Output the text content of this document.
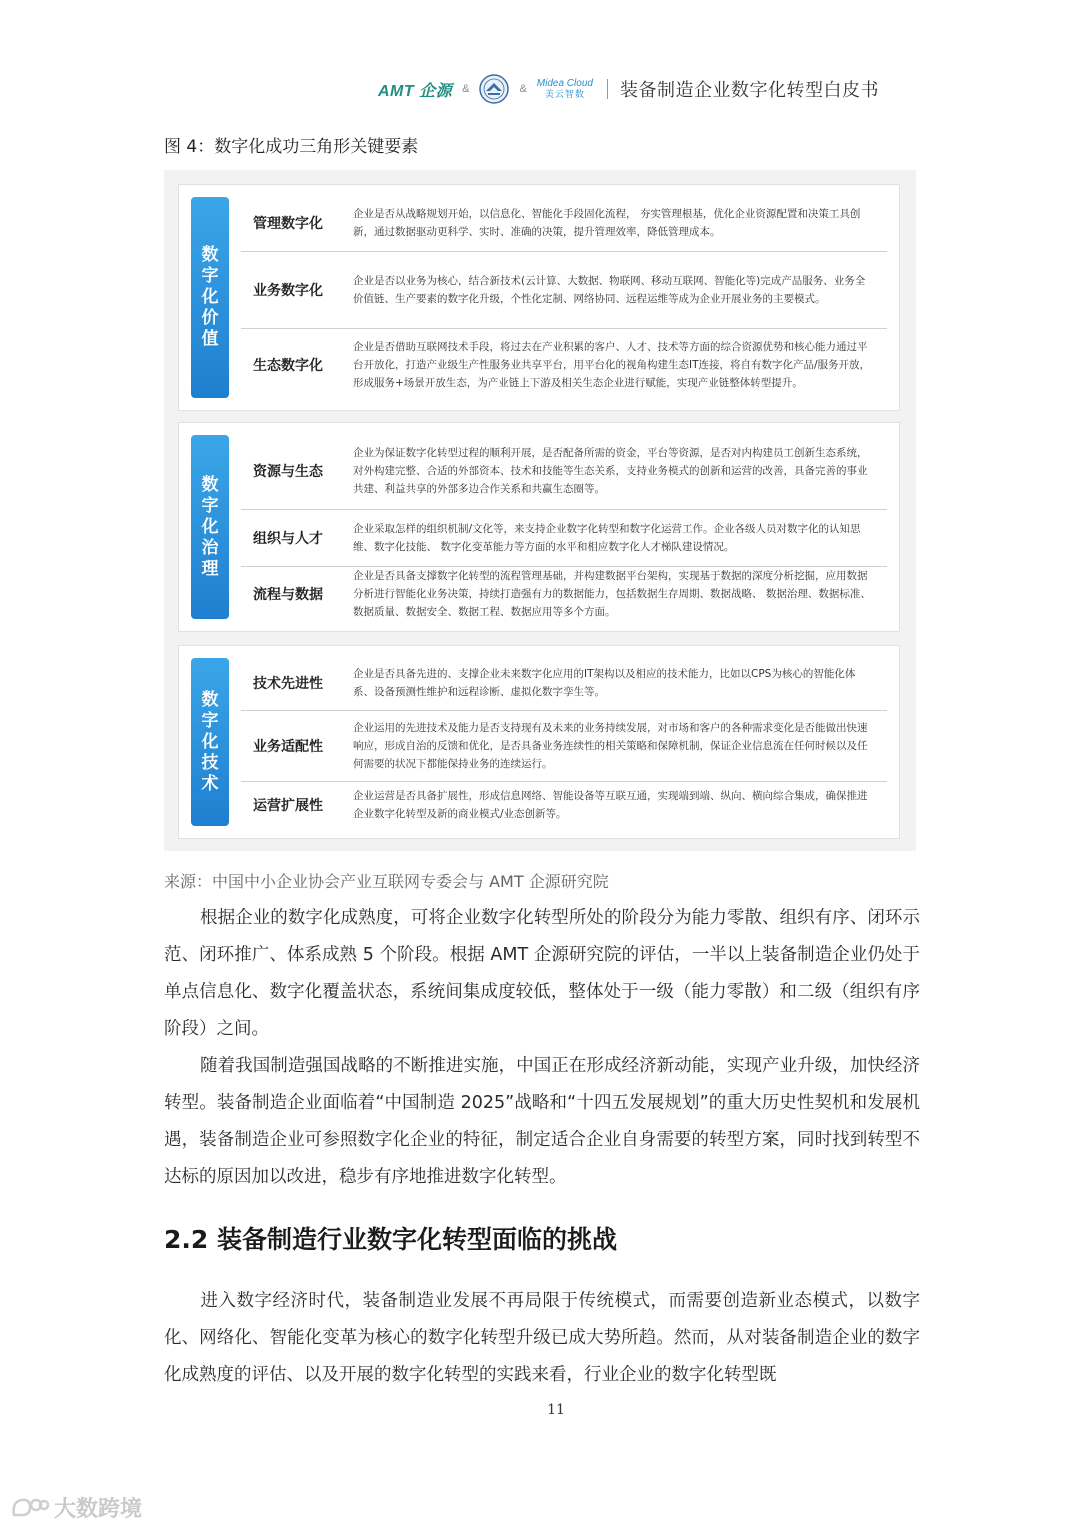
AMT 企源 &	& Midea Cloud
美云智数 装备制造企业数字化转型白皮书
图 4：数字化成功三角形关键要素
数
字
化
价
值
管理数字化
企业是否从战略规划开始，以信息化、智能化手段固化流程， 夯实管理根基，优化企业资源配置和决策工具创新，通过数据驱动更科学、实时、准确的决策，提升管理效率，降低管理成本。
业务数字化
企业是否以业务为核心，结合新技术(云计算、大数据、物联网、移动互联网、智能化等)完成产品服务、业务全价值链、生产要素的数字化升级，个性化定制、网络协同、远程运维等成为企业开展业务的主要模式。
生态数字化
企业是否借助互联网技术手段，将过去在产业积累的客户、人才、技术等方面的综合资源优势和核心能力通过平台开放化，打造产业级生产性服务业共享平台，用平台化的视角构建生态IT连接，将自有数字化产品/服务开放，形成服务+场景开放生态，为产业链上下游及相关生态企业进行赋能，实现产业链整体转型提升。
数
字
化
治
理
资源与生态
企业为保证数字化转型过程的顺利开展，是否配备所需的资金，平台等资源，是否对内构建员工创新生态系统，对外构建完整、合适的外部资本、技术和技能等生态关系，支持业务模式的创新和运营的改善，具备完善的事业共建、利益共享的外部多边合作关系和共赢生态圈等。
组织与人才
企业采取怎样的组织机制/文化等，来支持企业数字化转型和数字化运营工作。企业各级人员对数字化的认知思维、数字化技能、 数字化变革能力等方面的水平和相应数字化人才梯队建设情况。
流程与数据
企业是否具备支撑数字化转型的流程管理基础，并构建数据平台架构，实现基于数据的深度分析挖掘，应用数据分析进行智能化业务决策，持续打造强有力的数据能力，包括数据生存周期、数据战略、 数据治理、数据标准、数据质量、数据安全、数据工程、数据应用等多个方面。
数
字
化
技
术
技术先进性
企业是否具备先进的、支撑企业未来数字化应用的IT架构以及相应的技术能力，比如以CPS为核心的智能化体系、设备预测性维护和远程诊断、虚拟化数字孪生等。
业务适配性
企业运用的先进技术及能力是否支持现有及未来的业务持续发展，对市场和客户的各种需求变化是否能做出快速响应，形成自治的反馈和优化，是否具备业务连续性的相关策略和保障机制，保证企业信息流在任何时候以及任何需要的状况下都能保持业务的连续运行。
运营扩展性
企业运营是否具备扩展性，形成信息网络、智能设备等互联互通，实现端到端、纵向、横向综合集成，确保推进企业数字化转型及新的商业模式/业态创新等。
来源：中国中小企业协会产业互联网专委会与 AMT 企源研究院

根据企业的数字化成熟度，可将企业数字化转型所处的阶段分为能力零散、组织有序、闭环示范、闭环推广、体系成熟 5 个阶段。根据 AMT 企源研究院的评估，一半以上装备制造企业仍处于单点信息化、数字化覆盖状态，系统间集成度较低，整体处于一级（能力零散）和二级（组织有序阶段）之间。

随着我国制造强国战略的不断推进实施，中国正在形成经济新动能，实现产业升级，加快经济转型。装备制造企业面临着“中国制造 2025”战略和“十四五发展规划”的重大历史性契机和发展机遇，装备制造企业可参照数字化企业的特征，制定适合企业自身需要的转型方案，同时找到转型不达标的原因加以改进，稳步有序地推进数字化转型。

2.2 装备制造行业数字化转型面临的挑战

进入数字经济时代，装备制造业发展不再局限于传统模式，而需要创造新业态模式，以数字化、网络化、智能化变革为核心的数字化转型升级已成大势所趋。然而，从对装备制造企业的数字化成熟度的评估、以及开展的数字化转型的实践来看，行业企业的数字化转型既

11
大数跨境
